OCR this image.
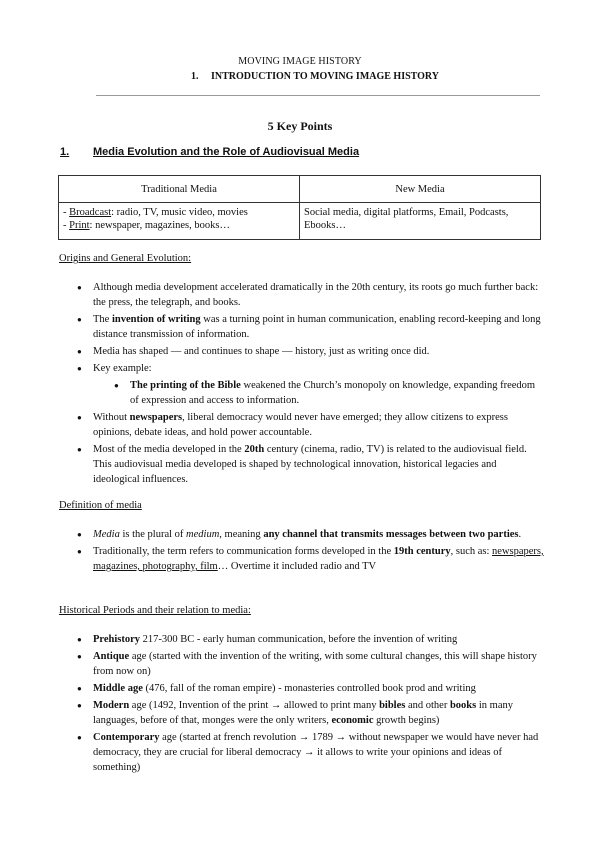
MOVING IMAGE HISTORY
1. INTRODUCTION TO MOVING IMAGE HISTORY
5 Key Points
1. Media Evolution and the Role of Audiovisual Media
Traditional Media	New Media
- Broadcast: radio, TV, music video, movies
- Print: newspaper, magazines, books…	Social media, digital platforms, Email, Podcasts, Ebooks…
Origins and General Evolution:
● Although media development accelerated dramatically in the 20th century, its roots go much further back: the press, the telegraph, and books.
● The invention of writing was a turning point in human communication, enabling record-keeping and long distance transmission of information.
● Media has shaped — and continues to shape — history, just as writing once did.
● Key example:
● The printing of the Bible weakened the Church’s monopoly on knowledge, expanding freedom of expression and access to information.
● Without newspapers, liberal democracy would never have emerged; they allow citizens to express opinions, debate ideas, and hold power accountable.
● Most of the media developed in the 20th century (cinema, radio, TV) is related to the audiovisual field. This audiovisual media developed is shaped by technological innovation, historical legacies and ideological influences.
Definition of media
● Media is the plural of medium, meaning any channel that transmits messages between two parties.
● Traditionally, the term refers to communication forms developed in the 19th century, such as: newspapers, magazines, photography, film… Overtime it included radio and TV
Historical Periods and their relation to media:
● Prehistory 217-300 BC - early human communication, before the invention of writing
● Antique age (started with the invention of the writing, with some cultural changes, this will shape history from now on)
● Middle age (476, fall of the roman empire) - monasteries controlled book prod and writing
● Modern age (1492, Invention of the print → allowed to print many bibles and other books in many languages, before of that, monges were the only writers, economic growth begins)
● Contemporary age (started at french revolution → 1789 → without newspaper we would have never had democracy, they are crucial for liberal democracy → it allows to write your opinions and ideas of something)
